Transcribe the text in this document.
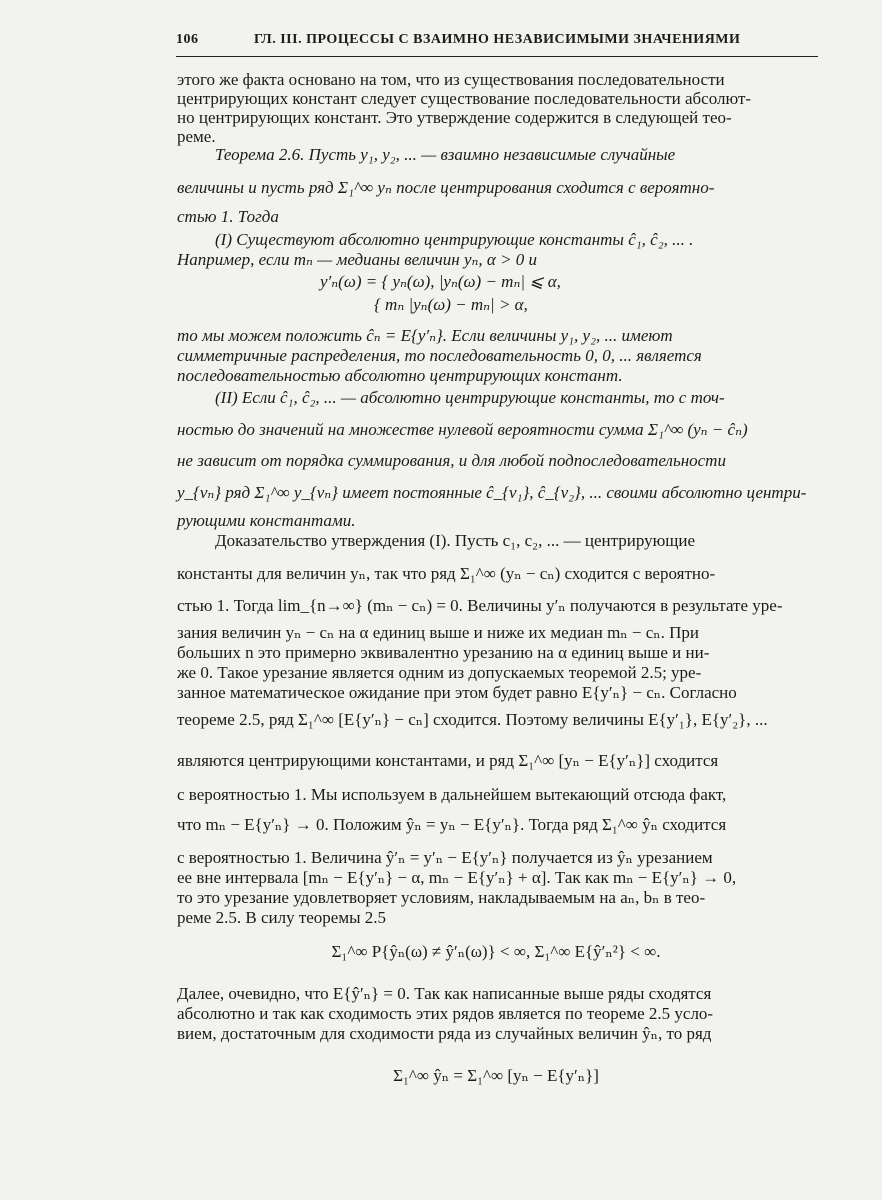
106	ГЛ. III. ПРОЦЕССЫ С ВЗАИМНО НЕЗАВИСИМЫМИ ЗНАЧЕНИЯМИ
этого же факта основано на том, что из существования последовательности
центрирующих констант следует существование последовательности абсолют-
но центрирующих констант. Это утверждение содержится в следующей тео-
реме.
Теорема 2.6. Пусть y₁, y₂, ... — взаимно независимые случайные
величины и пусть ряд Σ₁^∞ yₙ после центрирования сходится с вероятно-
стью 1. Тогда
(I) Существуют абсолютно центрирующие константы ĉ₁, ĉ₂, ... .
Например, если mₙ — медианы величин yₙ, α > 0 и
y′ₙ(ω) = { yₙ(ω), |yₙ(ω) − mₙ| ⩽ α,
{ mₙ |yₙ(ω) − mₙ| > α,
то мы можем положить ĉₙ = E{y′ₙ}. Если величины y₁, y₂, ... имеют
симметричные распределения, то последовательность 0, 0, ... является
последовательностью абсолютно центрирующих констант.
(II) Если ĉ₁, ĉ₂, ... — абсолютно центрирующие константы, то с точ-
ностью до значений на множестве нулевой вероятности сумма Σ₁^∞ (yₙ − ĉₙ)
не зависит от порядка суммирования, и для любой подпоследовательности
y_{νₙ} ряд Σ₁^∞ y_{νₙ} имеет постоянные ĉ_{ν₁}, ĉ_{ν₂}, ... своими абсолютно центри-
рующими константами.
Доказательство утверждения (I). Пусть c₁, c₂, ... — центрирующие
константы для величин yₙ, так что ряд Σ₁^∞ (yₙ − cₙ) сходится с вероятно-
стью 1. Тогда lim_{n→∞} (mₙ − cₙ) = 0. Величины y′ₙ получаются в результате уре-
зания величин yₙ − cₙ на α единиц выше и ниже их медиан mₙ − cₙ. При
больших n это примерно эквивалентно урезанию на α единиц выше и ни-
же 0. Такое урезание является одним из допускаемых теоремой 2.5; уре-
занное математическое ожидание при этом будет равно E{y′ₙ} − cₙ. Согласно
теореме 2.5, ряд Σ₁^∞ [E{y′ₙ} − cₙ] сходится. Поэтому величины E{y′₁}, E{y′₂}, ...
являются центрирующими константами, и ряд Σ₁^∞ [yₙ − E{y′ₙ}] сходится
с вероятностью 1. Мы используем в дальнейшем вытекающий отсюда факт,
что mₙ − E{y′ₙ} → 0. Положим ŷₙ = yₙ − E{y′ₙ}. Тогда ряд Σ₁^∞ ŷₙ сходится
с вероятностью 1. Величина ŷ′ₙ = y′ₙ − E{y′ₙ} получается из ŷₙ урезанием
ее вне интервала [mₙ − E{y′ₙ} − α, mₙ − E{y′ₙ} + α]. Так как mₙ − E{y′ₙ} → 0,
то это урезание удовлетворяет условиям, накладываемым на aₙ, bₙ в тео-
реме 2.5. В силу теоремы 2.5
Σ₁^∞ P{ŷₙ(ω) ≠ ŷ′ₙ(ω)} < ∞, Σ₁^∞ E{ŷ′ₙ²} < ∞.
Далее, очевидно, что E{ŷ′ₙ} = 0. Так как написанные выше ряды сходятся
абсолютно и так как сходимость этих рядов является по теореме 2.5 усло-
вием, достаточным для сходимости ряда из случайных величин ŷₙ, то ряд
Σ₁^∞ ŷₙ = Σ₁^∞ [yₙ − E{y′ₙ}]
